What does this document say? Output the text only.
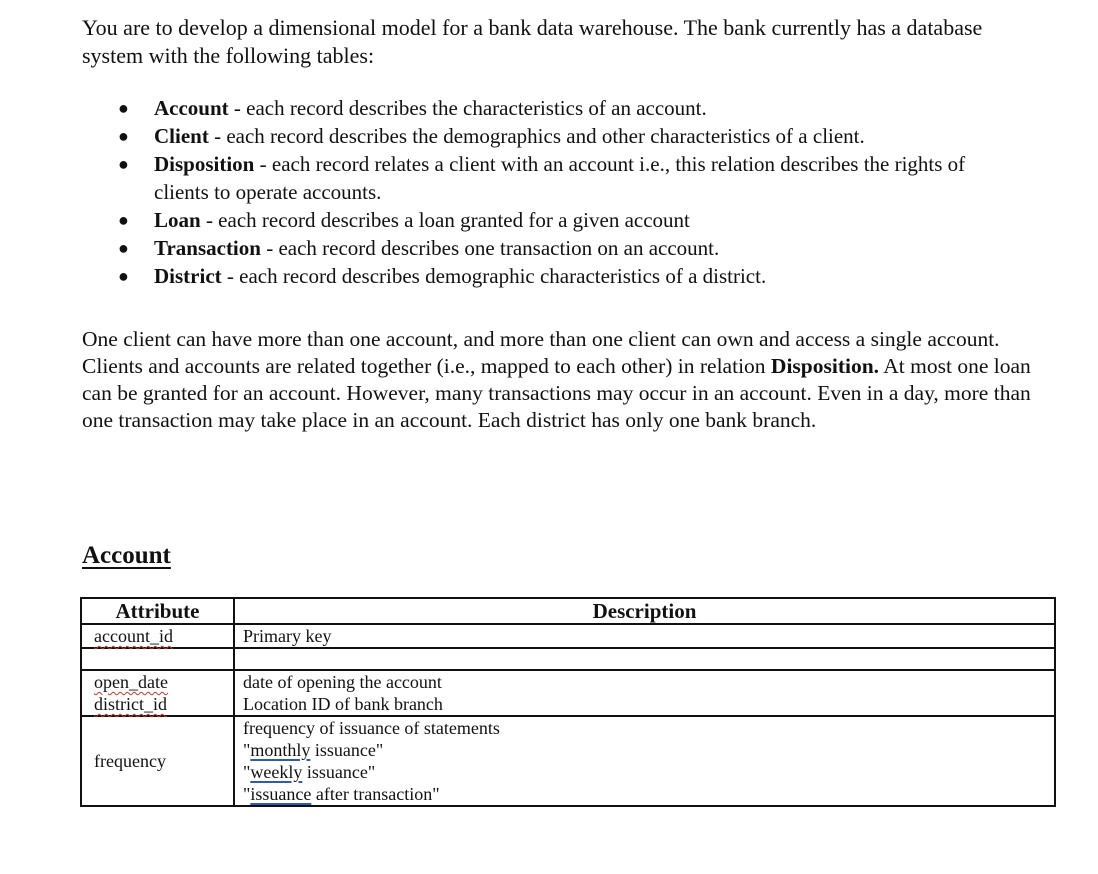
You are to develop a dimensional model for a bank data warehouse. The bank currently has a database system with the following tables:

● Account - each record describes the characteristics of an account.
● Client - each record describes the demographics and other characteristics of a client.
● Disposition - each record relates a client with an account i.e., this relation describes the rights of clients to operate accounts.
● Loan - each record describes a loan granted for a given account
● Transaction - each record describes one transaction on an account.
● District - each record describes demographic characteristics of a district.

One client can have more than one account, and more than one client can own and access a single account. Clients and accounts are related together (i.e., mapped to each other) in relation Disposition. At most one loan can be granted for an account. However, many transactions may occur in an account. Even in a day, more than one transaction may take place in an account. Each district has only one bank branch.

Account
Attribute	Description
account_id	Primary key

open_date	date of opening the account
district_id	Location ID of bank branch
frequency	frequency of issuance of statements
"monthly issuance"
"weekly issuance"
"issuance after transaction"
